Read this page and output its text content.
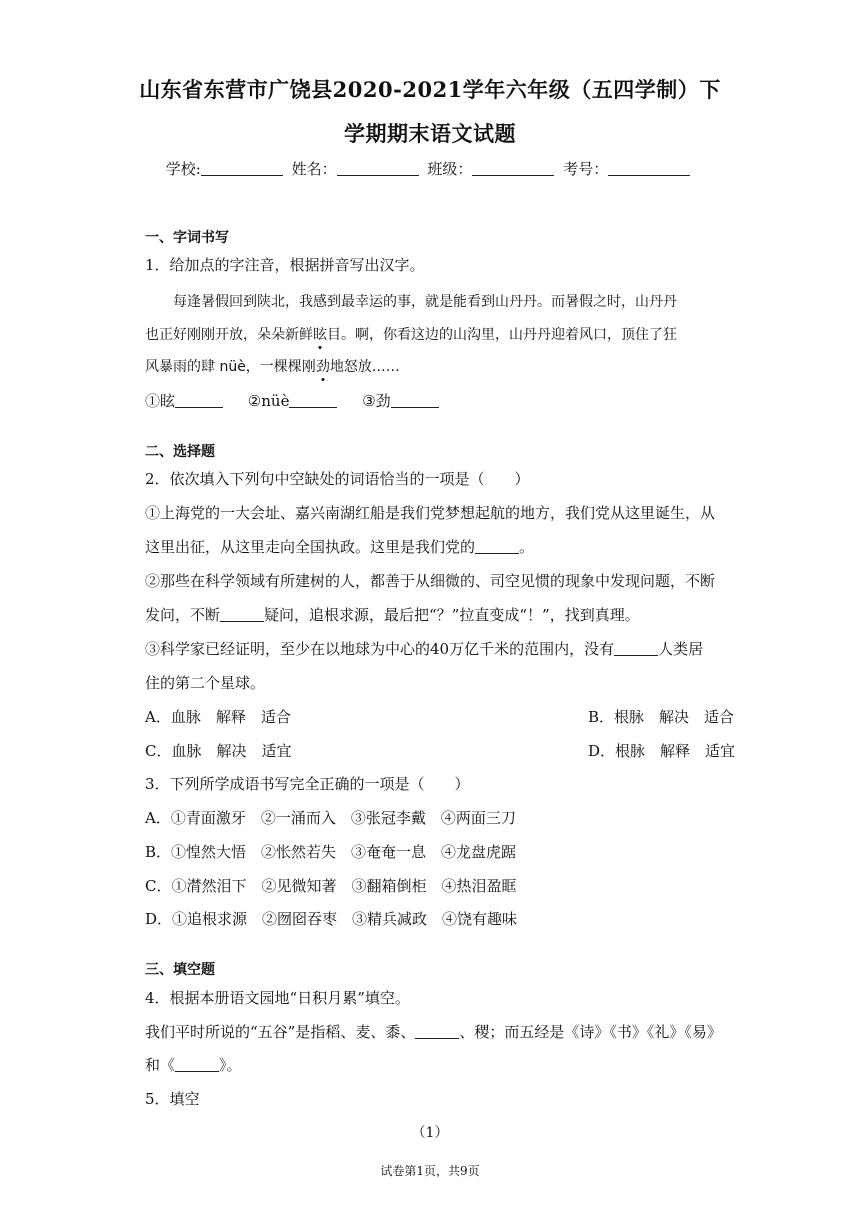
山东省东营市广饶县2020-2021学年六年级（五四学制）下
学期期末语文试题
学校:	姓名：	班级：	考号：
一、字词书写
1．给加点的字注音，根据拼音写出汉字。
每逢暑假回到陕北，我感到最幸运的事，就是能看到山丹丹。而暑假之时，山丹丹
也正好刚刚开放，朵朵新鲜眩目。啊，你看这边的山沟里，山丹丹迎着风口，顶住了狂
风暴雨的肆 nüè，一棵棵刚劲地怒放……
①眩	②nüè	③劲
二、选择题
2．依次填入下列句中空缺处的词语恰当的一项是（　　）
①上海党的一大会址、嘉兴南湖红船是我们党梦想起航的地方，我们党从这里诞生，从
这里出征，从这里走向全国执政。这里是我们党的	。
②那些在科学领域有所建树的人，都善于从细微的、司空见惯的现象中发现问题，不断
发问，不断	疑问，追根求源，最后把“？”拉直变成“！”，找到真理。
③科学家已经证明，至少在以地球为中心的40万亿千米的范围内，没有	人类居
住的第二个星球。
A．血脉　解释　适合	B．根脉　解决　适合
C．血脉　解决　适宜	D．根脉　解释　适宜
3．下列所学成语书写完全正确的一项是（　　）
A．①青面激牙　②一涌而入　③张冠李戴　④两面三刀
B．①惶然大悟　②怅然若失　③奄奄一息　④龙盘虎踞
C．①潸然泪下　②见微知著　③翻箱倒柜　④热泪盈眶
D．①追根求源　②囫囵吞枣　③精兵减政　④饶有趣味
三、填空题
4．根据本册语文园地“日积月累”填空。
我们平时所说的“五谷”是指稻、麦、黍、	、稷；而五经是《诗》《书》《礼》《易》
和《	》。
5．填空
（1）
试卷第1页，共9页
